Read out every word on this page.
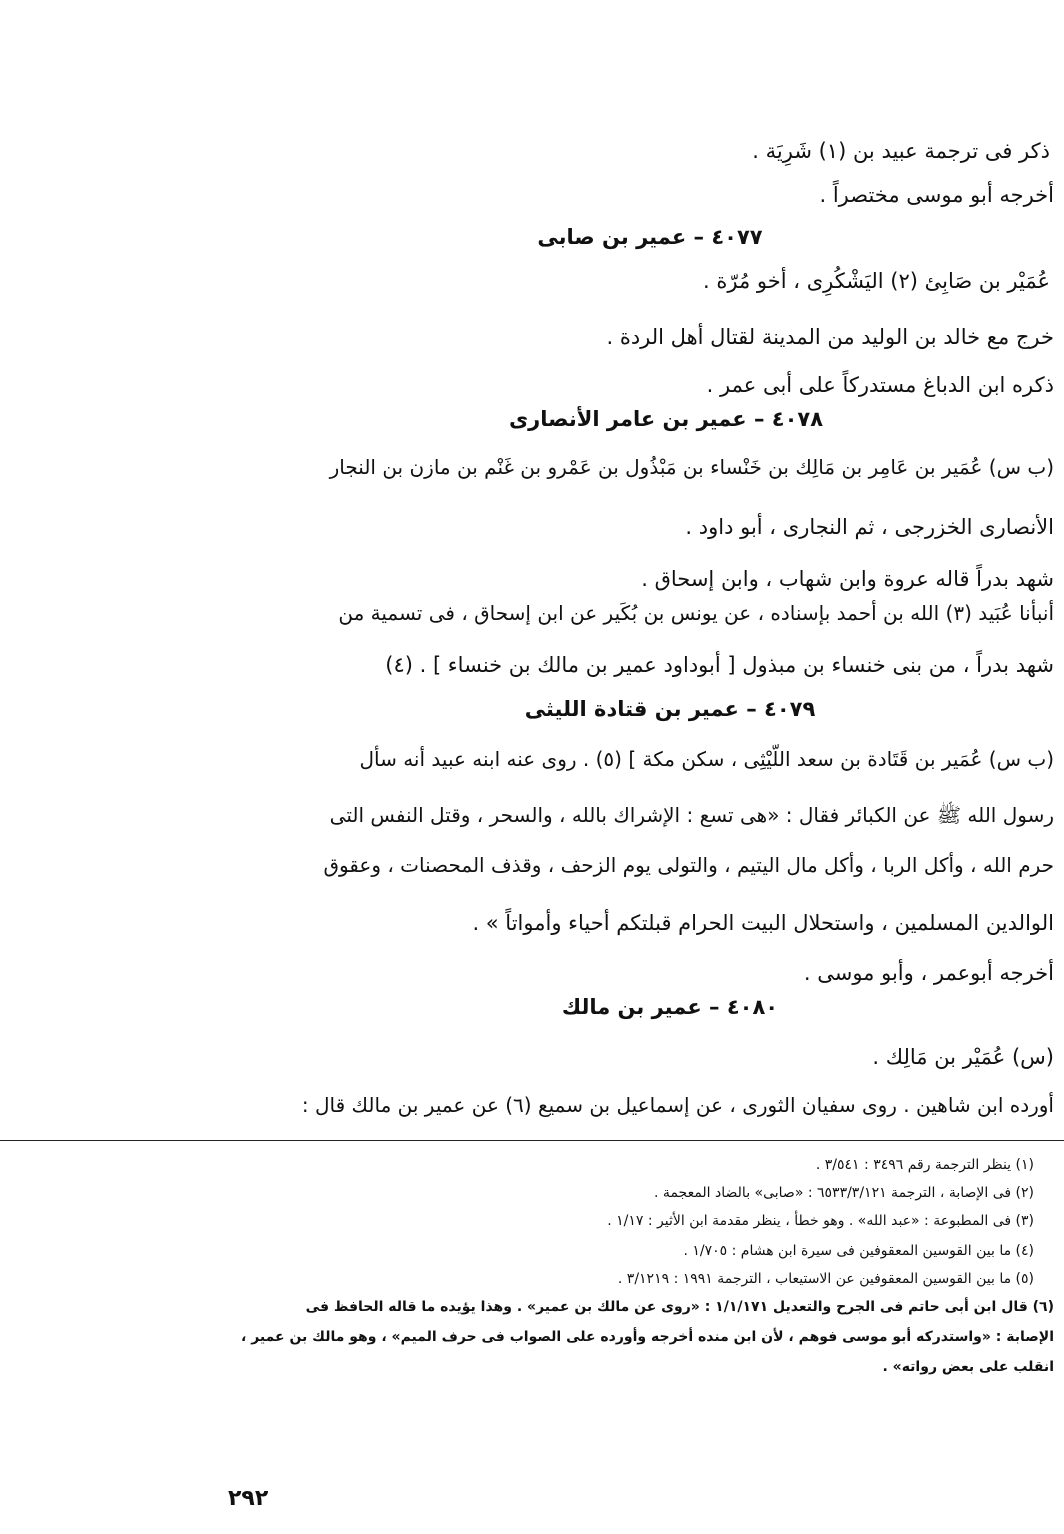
ذكر فى ترجمة عبيد بن (١) شَرِيَة .
أخرجه أبو موسى مختصراً .
٤٠٧٧ – عمير بن صابى
عُمَيْر بن صَابِئ (٢) اليَشْكُرِى ، أخو مُرّة .
خرج مع خالد بن الوليد من المدينة لقتال أهل الردة .
ذكره ابن الدباغ مستدركاً على أبى عمر .
٤٠٧٨ – عمير بن عامر الأنصارى
(ب س) عُمَير بن عَامِر بن مَالِك بن خَنْساء بن مَبْذُول بن عَمْرو بن غَنْم بن مازن بن النجار
الأنصارى الخزرجى ، ثم النجارى ، أبو داود .
شهد بدراً قاله عروة وابن شهاب ، وابن إسحاق .
أنبأنا عُبَيد (٣) الله بن أحمد بإسناده ، عن يونس بن بُكَير عن ابن إسحاق ، فى تسمية من
شهد بدراً ، من بنى خنساء بن مبذول [ أبوداود عمير بن مالك بن خنساء ] . (٤)
٤٠٧٩ – عمير بن قتادة الليثى
(ب س) عُمَير بن قَتَادة بن سعد اللَّيْثِى ، سكن مكة ] (٥) . روى عنه ابنه عبيد أنه سأل
رسول الله ﷺ عن الكبائر فقال : «هى تسع : الإشراك بالله ، والسحر ، وقتل النفس التى
حرم الله ، وأكل الربا ، وأكل مال اليتيم ، والتولى يوم الزحف ، وقذف المحصنات ، وعقوق
الوالدين المسلمين ، واستحلال البيت الحرام قبلتكم أحياء وأمواتاً » .
أخرجه أبوعمر ، وأبو موسى .
٤٠٨٠ – عمير بن مالك
(س) عُمَيْر بن مَالِك .
أورده ابن شاهين . روى سفيان الثورى ، عن إسماعيل بن سميع (٦) عن عمير بن مالك قال :
(١) ينظر الترجمة رقم ٣٤٩٦ : ٣/٥٤١ .
(٢) فى الإصابة ، الترجمة ٦٥٣٣/٣/١٢١ : «صابى» بالضاد المعجمة .
(٣) فى المطبوعة : «عبد الله» . وهو خطأ ، ينظر مقدمة ابن الأثير : ١/١٧ .
(٤) ما بين القوسين المعقوفين فى سيرة ابن هشام : ١/٧٠٥ .
(٥) ما بين القوسين المعقوفين عن الاستيعاب ، الترجمة ١٩٩١ : ٣/١٢١٩ .
(٦) قال ابن أبى حاتم فى الجرح والتعديل ١/١/١٧١ : «روى عن مالك بن عمير» . وهذا يؤيده ما قاله الحافظ فى
الإصابة : «واستدركه أبو موسى فوهم ، لأن ابن منده أخرجه وأورده على الصواب فى حرف الميم» ، وهو مالك بن عمير ،
انقلب على بعض رواته» .
٢٩٢
